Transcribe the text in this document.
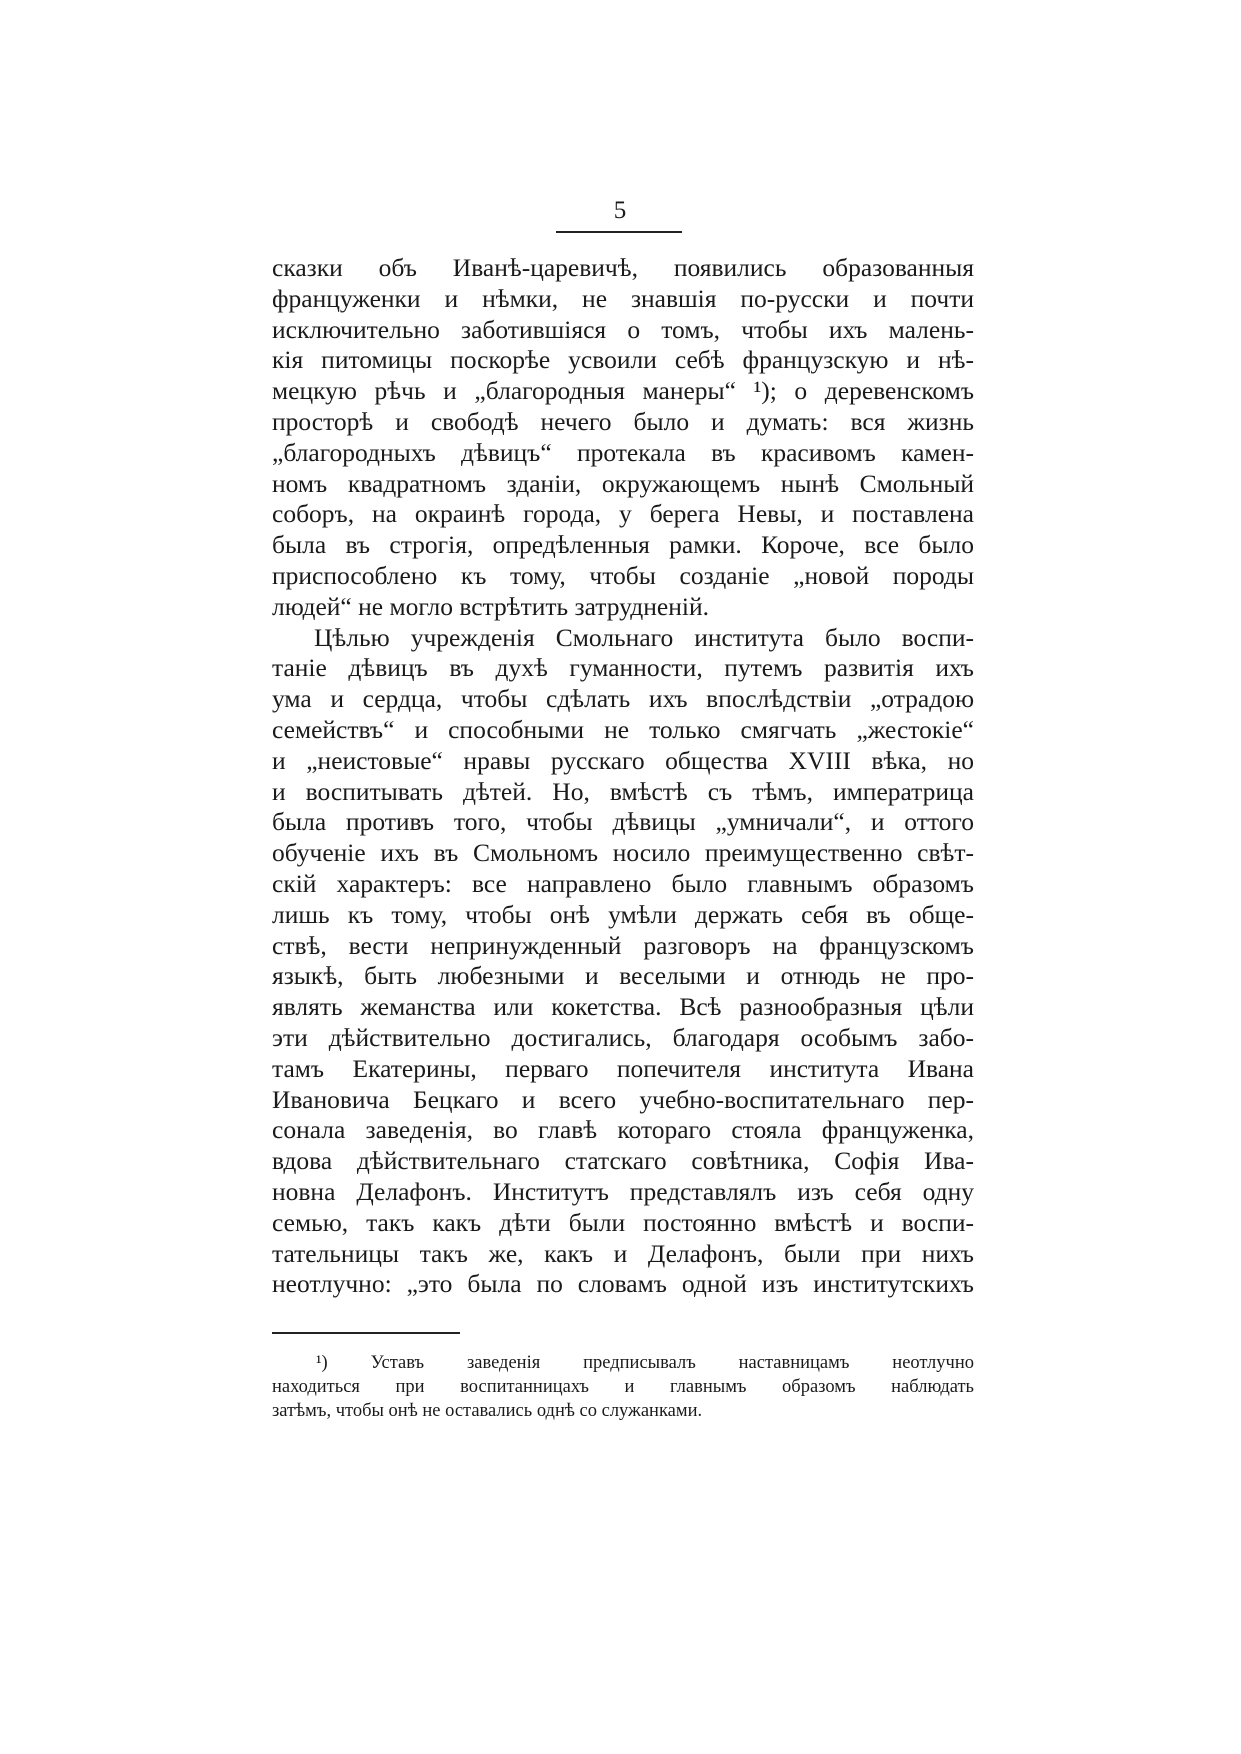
5
сказки объ Иванѣ-царевичѣ, появились образованныя
француженки и нѣмки, не знавшія по-русски и почти
исключительно заботившіяся о томъ, чтобы ихъ малень-
кія питомицы поскорѣе усвоили себѣ французскую и нѣ-
мецкую рѣчь и „благородныя манеры“ ¹); о деревенскомъ
просторѣ и свободѣ нечего было и думать: вся жизнь
„благородныхъ дѣвицъ“ протекала въ красивомъ камен-
номъ квадратномъ зданіи, окружающемъ нынѣ Смольный
соборъ, на окраинѣ города, у берега Невы, и поставлена
была въ строгія, опредѣленныя рамки. Короче, все было
приспособлено къ тому, чтобы созданіе „новой породы
людей“ не могло встрѣтить затрудненій.
Цѣлью учрежденія Смольнаго института было воспи-
таніе дѣвицъ въ духѣ гуманности, путемъ развитія ихъ
ума и сердца, чтобы сдѣлать ихъ впослѣдствіи „отрадою
семействъ“ и способными не только смягчать „жестокіе“
и „неистовые“ нравы русскаго общества XVIII вѣка, но
и воспитывать дѣтей. Но, вмѣстѣ съ тѣмъ, императрица
была противъ того, чтобы дѣвицы „умничали“, и оттого
обученіе ихъ въ Смольномъ носило преимущественно свѣт-
скій характеръ: все направлено было главнымъ образомъ
лишь къ тому, чтобы онѣ умѣли держать себя въ обще-
ствѣ, вести непринужденный разговоръ на французскомъ
языкѣ, быть любезными и веселыми и отнюдь не про-
являть жеманства или кокетства. Всѣ разнообразныя цѣли
эти дѣйствительно достигались, благодаря особымъ забо-
тамъ Екатерины, перваго попечителя института Ивана
Ивановича Бецкаго и всего учебно-воспитательнаго пер-
сонала заведенія, во главѣ котораго стояла француженка,
вдова дѣйствительнаго статскаго совѣтника, Софія Ива-
новна Делафонъ. Институтъ представлялъ изъ себя одну
семью, такъ какъ дѣти были постоянно вмѣстѣ и воспи-
тательницы такъ же, какъ и Делафонъ, были при нихъ
неотлучно: „это была по словамъ одной изъ институтскихъ
¹) Уставъ заведенія предписывалъ наставницамъ неотлучно
находиться при воспитанницахъ и главнымъ образомъ наблюдать
затѣмъ, чтобы онѣ не оставались однѣ со служанками.
